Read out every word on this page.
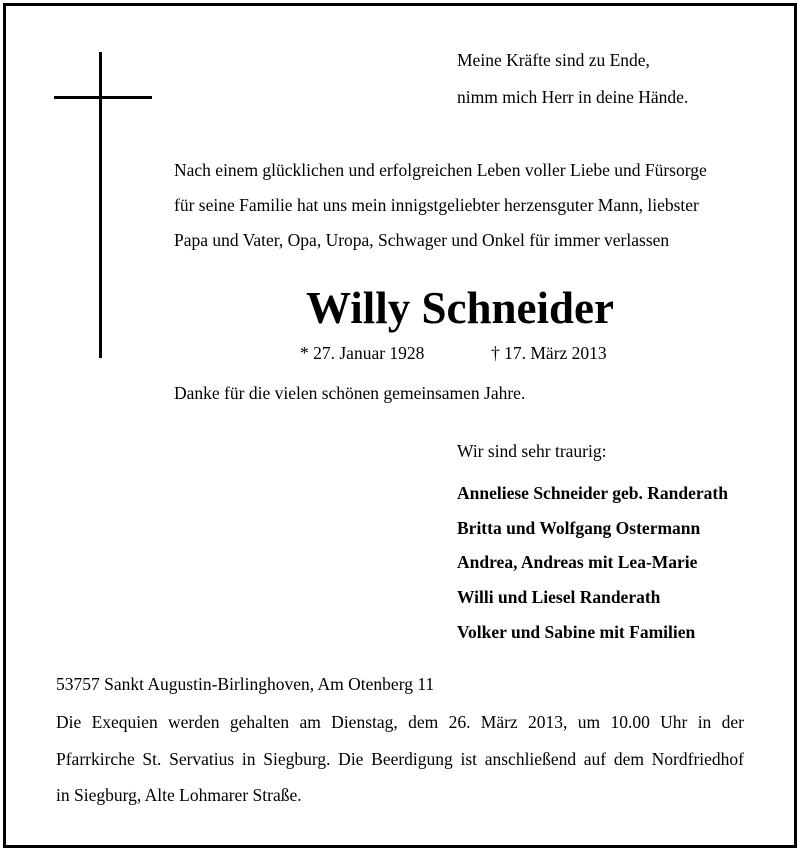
Meine Kräfte sind zu Ende,
nimm mich Herr in deine Hände.
Nach einem glücklichen und erfolgreichen Leben voller Liebe und Fürsorge
für seine Familie hat uns mein innigstgeliebter herzensguter Mann, liebster
Papa und Vater, Opa, Uropa, Schwager und Onkel für immer verlassen
Willy Schneider
* 27. Januar 1928	† 17. März 2013
Danke für die vielen schönen gemeinsamen Jahre.
Wir sind sehr traurig:
Anneliese Schneider geb. Randerath
Britta und Wolfgang Ostermann
Andrea, Andreas mit Lea-Marie
Willi und Liesel Randerath
Volker und Sabine mit Familien
53757 Sankt Augustin-Birlinghoven, Am Otenberg 11
Die Exequien werden gehalten am Dienstag, dem 26. März 2013, um 10.00 Uhr in der
Pfarrkirche St. Servatius in Siegburg. Die Beerdigung ist anschließend auf dem Nordfriedhof
in Siegburg, Alte Lohmarer Straße.
